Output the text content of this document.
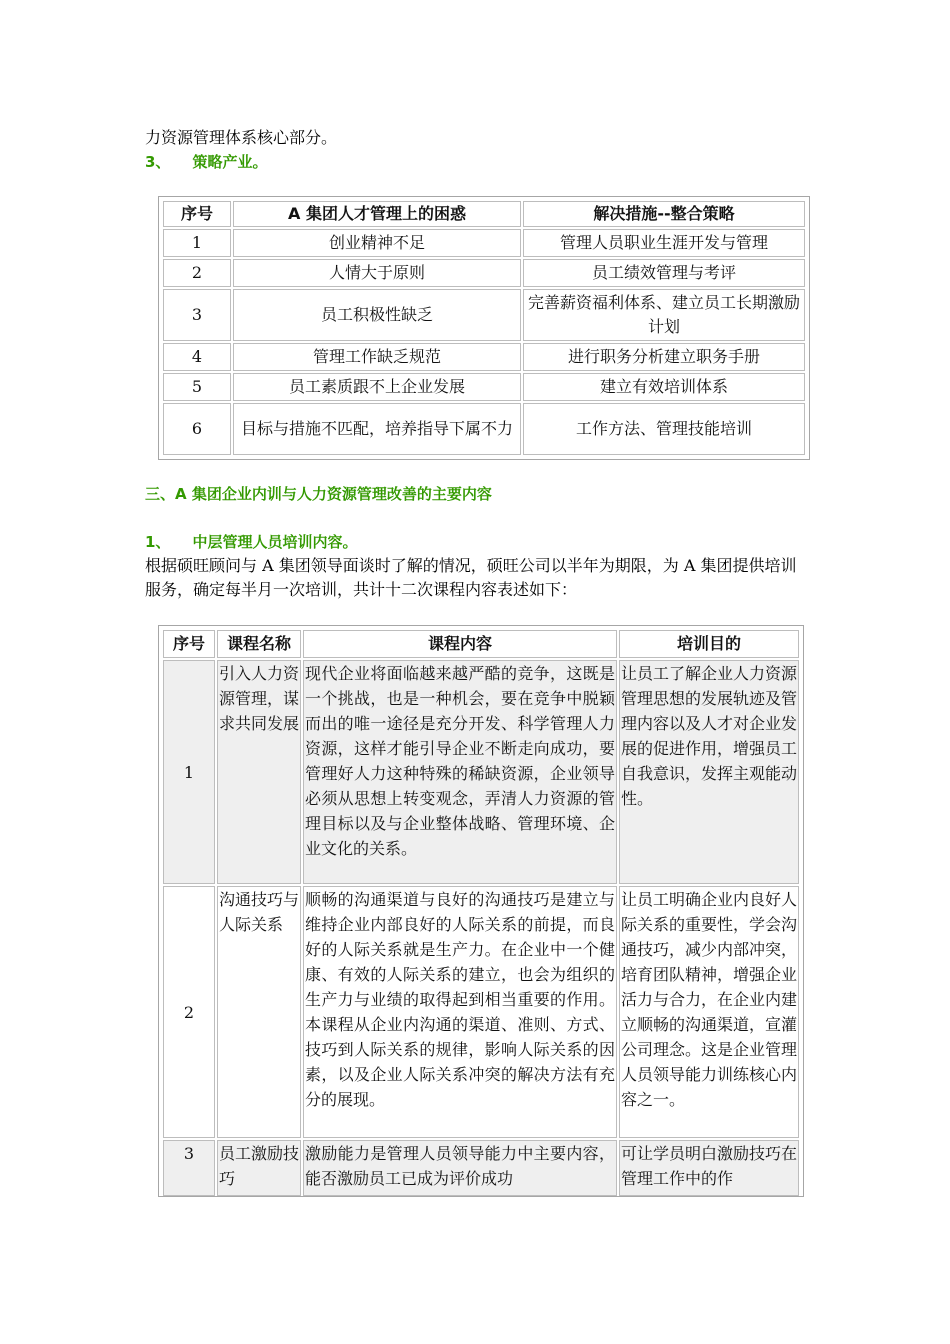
力资源管理体系核心部分。
3、 策略产业。
序号	A 集团人才管理上的困惑	解决措施--整合策略
1	创业精神不足	管理人员职业生涯开发与管理
2	人情大于原则	员工绩效管理与考评
3	员工积极性缺乏	完善薪资福利体系、建立员工长期激励计划
4	管理工作缺乏规范	进行职务分析建立职务手册
5	员工素质跟不上企业发展	建立有效培训体系
6	目标与措施不匹配，培养指导下属不力	工作方法、管理技能培训
三、A 集团企业内训与人力资源管理改善的主要内容
1、 中层管理人员培训内容。
根据硕旺顾问与 A 集团领导面谈时了解的情况，硕旺公司以半年为期限，为 A 集团提供培训服务，确定每半月一次培训，共计十二次课程内容表述如下：
序号	课程名称	课程内容	培训目的
1	引入人力资源管理，谋求共同发展	现代企业将面临越来越严酷的竞争，这既是一个挑战，也是一种机会，要在竞争中脱颖而出的唯一途径是充分开发、科学管理人力资源，这样才能引导企业不断走向成功，要管理好人力这种特殊的稀缺资源，企业领导必须从思想上转变观念，弄清人力资源的管理目标以及与企业整体战略、管理环境、企业文化的关系。	让员工了解企业人力资源管理思想的发展轨迹及管理内容以及人才对企业发展的促进作用，增强员工自我意识，发挥主观能动性。
2	沟通技巧与人际关系	顺畅的沟通渠道与良好的沟通技巧是建立与维持企业内部良好的人际关系的前提，而良好的人际关系就是生产力。在企业中一个健康、有效的人际关系的建立，也会为组织的生产力与业绩的取得起到相当重要的作用。本课程从企业内沟通的渠道、准则、方式、技巧到人际关系的规律，影响人际关系的因素，以及企业人际关系冲突的解决方法有充分的展现。	让员工明确企业内良好人际关系的重要性，学会沟通技巧，减少内部冲突，培育团队精神，增强企业活力与合力，在企业内建立顺畅的沟通渠道，宣灌公司理念。这是企业管理人员领导能力训练核心内容之一。
3	员工激励技巧	激励能力是管理人员领导能力中主要内容，能否激励员工已成为评价成功	可让学员明白激励技巧在管理工作中的作
